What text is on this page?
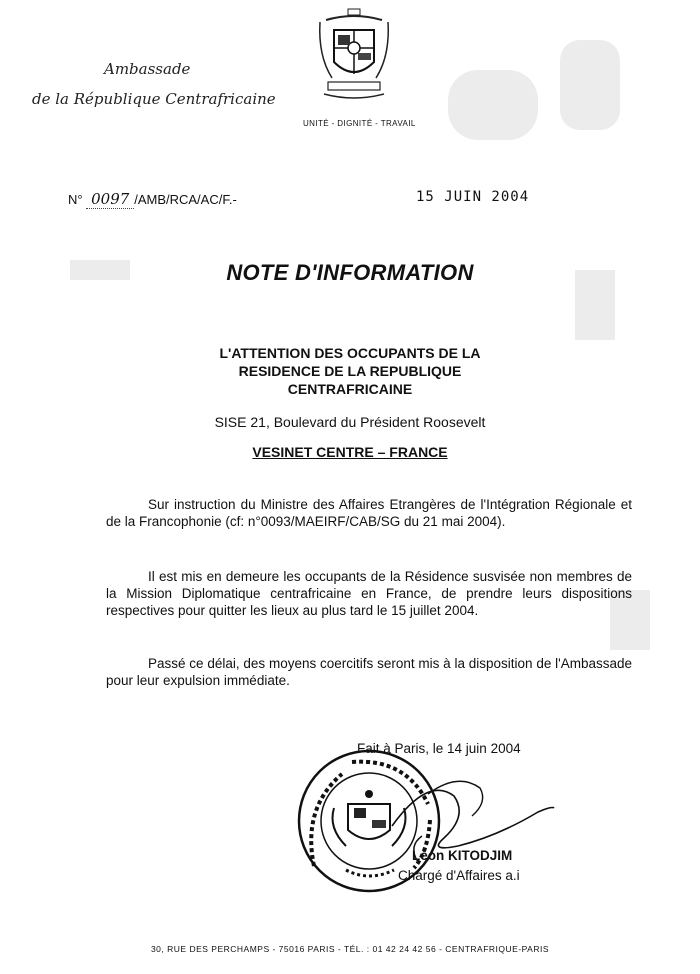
Ambassade
de la République Centrafricaine
UNITÉ - DIGNITÉ - TRAVAIL
N° 0097 /AMB/RCA/AC/F.-	15 JUIN 2004
NOTE D'INFORMATION
L'ATTENTION DES OCCUPANTS DE LA
RESIDENCE DE LA REPUBLIQUE
CENTRAFRICAINE
SISE 21, Boulevard du Président Roosevelt
VESINET CENTRE – FRANCE
Sur instruction du Ministre des Affaires Etrangères de l'Intégration Régionale et de la Francophonie (cf: n°0093/MAEIRF/CAB/SG du 21 mai 2004).
Il est mis en demeure les occupants de la Résidence susvisée non membres de la Mission Diplomatique centrafricaine en France, de prendre leurs dispositions respectives pour quitter les lieux au plus tard le 15 juillet 2004.
Passé ce délai, des moyens coercitifs seront mis à la disposition de l'Ambassade pour leur expulsion immédiate.
Fait à Paris, le 14 juin 2004
Léon KITODJIM
Chargé d'Affaires a.i
30, RUE DES PERCHAMPS - 75016 PARIS - TÉL. : 01 42 24 42 56 - CENTRAFRIQUE-PARIS
